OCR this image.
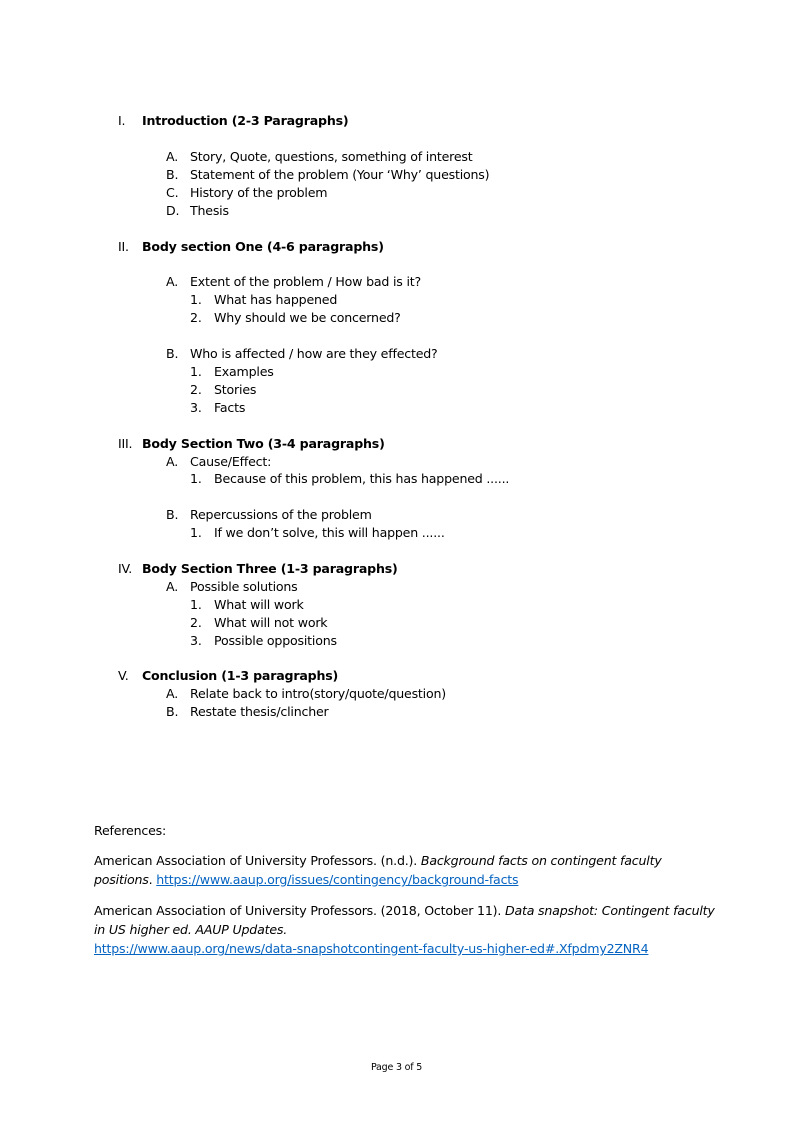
I. Introduction (2-3 Paragraphs)
A. Story, Quote, questions, something of interest
B. Statement of the problem (Your ‘Why’ questions)
C. History of the problem
D. Thesis
II. Body section One (4-6 paragraphs)
A. Extent of the problem / How bad is it?
1. What has happened
2. Why should we be concerned?
B. Who is affected / how are they effected?
1. Examples
2. Stories
3. Facts
III. Body Section Two (3-4 paragraphs)
A. Cause/Effect:
1. Because of this problem, this has happened ......
B. Repercussions of the problem
1. If we don’t solve, this will happen ......
IV. Body Section Three (1-3 paragraphs)
A. Possible solutions
1. What will work
2. What will not work
3. Possible oppositions
V. Conclusion (1-3 paragraphs)
A. Relate back to intro(story/quote/question)
B. Restate thesis/clincher
References:
American Association of University Professors. (n.d.). Background facts on contingent faculty
positions. https://www.aaup.org/issues/contingency/background-facts
American Association of University Professors. (2018, October 11). Data snapshot: Contingent faculty
in US higher ed. AAUP Updates.
https://www.aaup.org/news/data-snapshotcontingent-faculty-us-higher-ed#.Xfpdmy2ZNR4
Page 3 of 5
